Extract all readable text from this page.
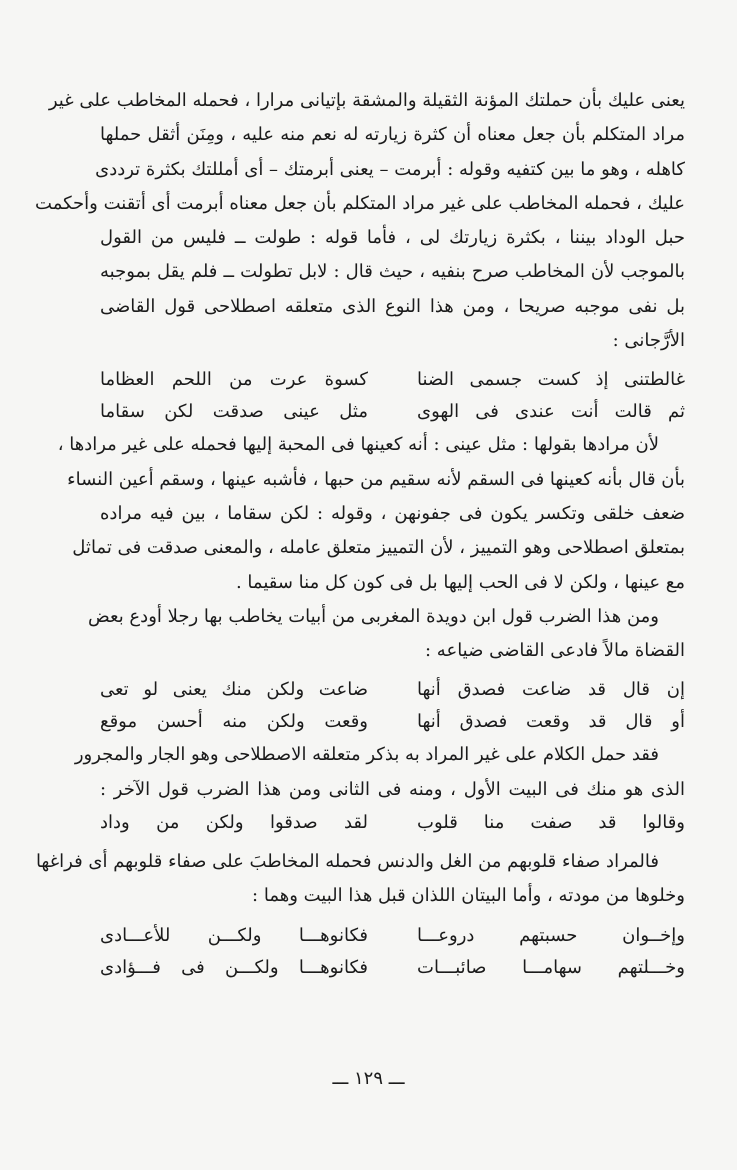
يعنى عليك بأن حملتك المؤنة الثقيلة والمشقة بإتيانى مرارا ، فحمله المخاطب على غير
مراد المتكلم بأن جعل معناه أن كثرة زيارته له نعم منه عليه ، ومِنَن أثقل حملها
كاهله ، وهو ما بين كتفيه وقوله : أبرمت – يعنى أبرمتك – أى أمللتك بكثرة ترددى
عليك ، فحمله المخاطب على غير مراد المتكلم بأن جعل معناه أبرمت أى أتقنت وأحكمت
حبل الوداد بيننا ، بكثرة زيارتك لى ، فأما قوله : طولت ــ فليس من القول
بالموجب لأن المخاطب صرح بنفيه ، حيث قال : لابل تطولت ــ فلم يقل بموجبه
بل نفى موجبه صريحا ، ومن هذا النوع الذى متعلقه اصطلاحى قول القاضى
الأرَّجانى :
غالطتنى إذ كست جسمى الضنا
كسوة عرت من اللحم العظاما
ثم قالت أنت عندى فى الهوى
مثل عينى صدقت لكن سقاما
لأن مرادها بقولها : مثل عينى : أنه كعينها فى المحبة إليها فحمله على غير مرادها ،
بأن قال بأنه كعينها فى السقم لأنه سقيم من حبها ، فأشبه عينها ، وسقم أعين النساء
ضعف خلقى وتكسر يكون فى جفونهن ، وقوله : لكن سقاما ، بين فيه مراده
بمتعلق اصطلاحى وهو التمييز ، لأن التمييز متعلق عامله ، والمعنى صدقت فى تماثل
مع عينها ، ولكن لا فى الحب إليها بل فى كون كل منا سقيما .
ومن هذا الضرب قول ابن دويدة المغربى من أبيات يخاطب بها رجلا أودع بعض
القضاة مالاً فادعى القاضى ضياعه :
إن قال قد ضاعت فصدق أنها
ضاعت ولكن منك يعنى لو تعى
أو قال قد وقعت فصدق أنها
وقعت ولكن منه أحسن موقع
فقد حمل الكلام على غير المراد به بذكر متعلقه الاصطلاحى وهو الجار والمجرور
الذى هو منك فى البيت الأول ، ومنه فى الثانى ومن هذا الضرب قول الآخر :
وقالوا قد صفت منا قلوب
لقد صدقوا ولكن من وداد
فالمراد صفاء قلوبهم من الغل والدنس فحمله المخاطبَ على صفاء قلوبهم أى فراغها
وخلوها من مودته ، وأما البيتان اللذان قبل هذا البيت وهما :
وإخــوان حسبتهم دروعـــا
فكانوهـــا ولكـــن للأعـــادى
وخـــلتهم سهامـــا صائبـــات
فكانوهـــا ولكـــن فى فـــؤادى
ـــ ١٢٩ ـــ
